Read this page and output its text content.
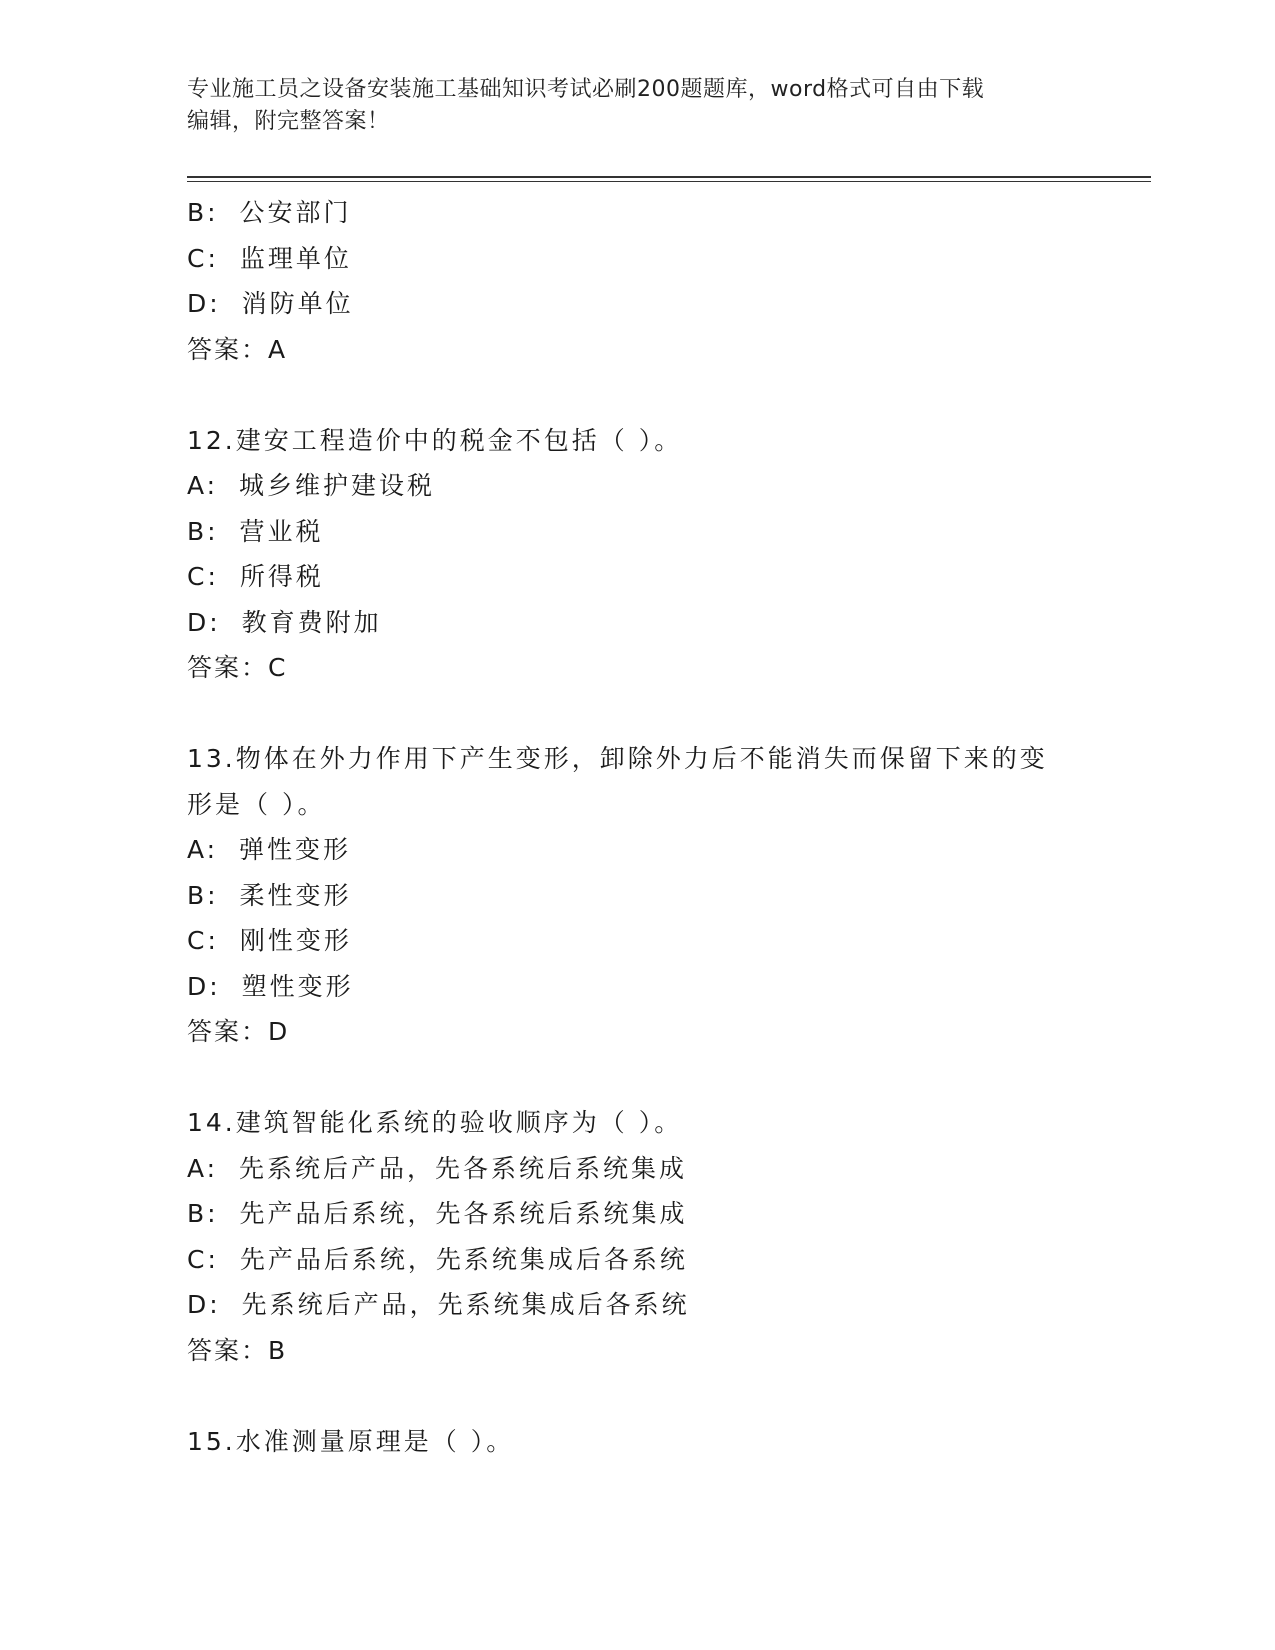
专业施工员之设备安装施工基础知识考试必刷200题题库，word格式可自由下载
编辑，附完整答案！
B: 公安部门
C: 监理单位
D: 消防单位
答案：A
12.建安工程造价中的税金不包括（ ）。
A: 城乡维护建设税
B: 营业税
C: 所得税
D: 教育费附加
答案：C
13.物体在外力作用下产生变形，卸除外力后不能消失而保留下来的变
形是（ ）。
A: 弹性变形
B: 柔性变形
C: 刚性变形
D: 塑性变形
答案：D
14.建筑智能化系统的验收顺序为（ ）。
A: 先系统后产品，先各系统后系统集成
B: 先产品后系统，先各系统后系统集成
C: 先产品后系统，先系统集成后各系统
D: 先系统后产品，先系统集成后各系统
答案：B
15.水准测量原理是（ ）。
